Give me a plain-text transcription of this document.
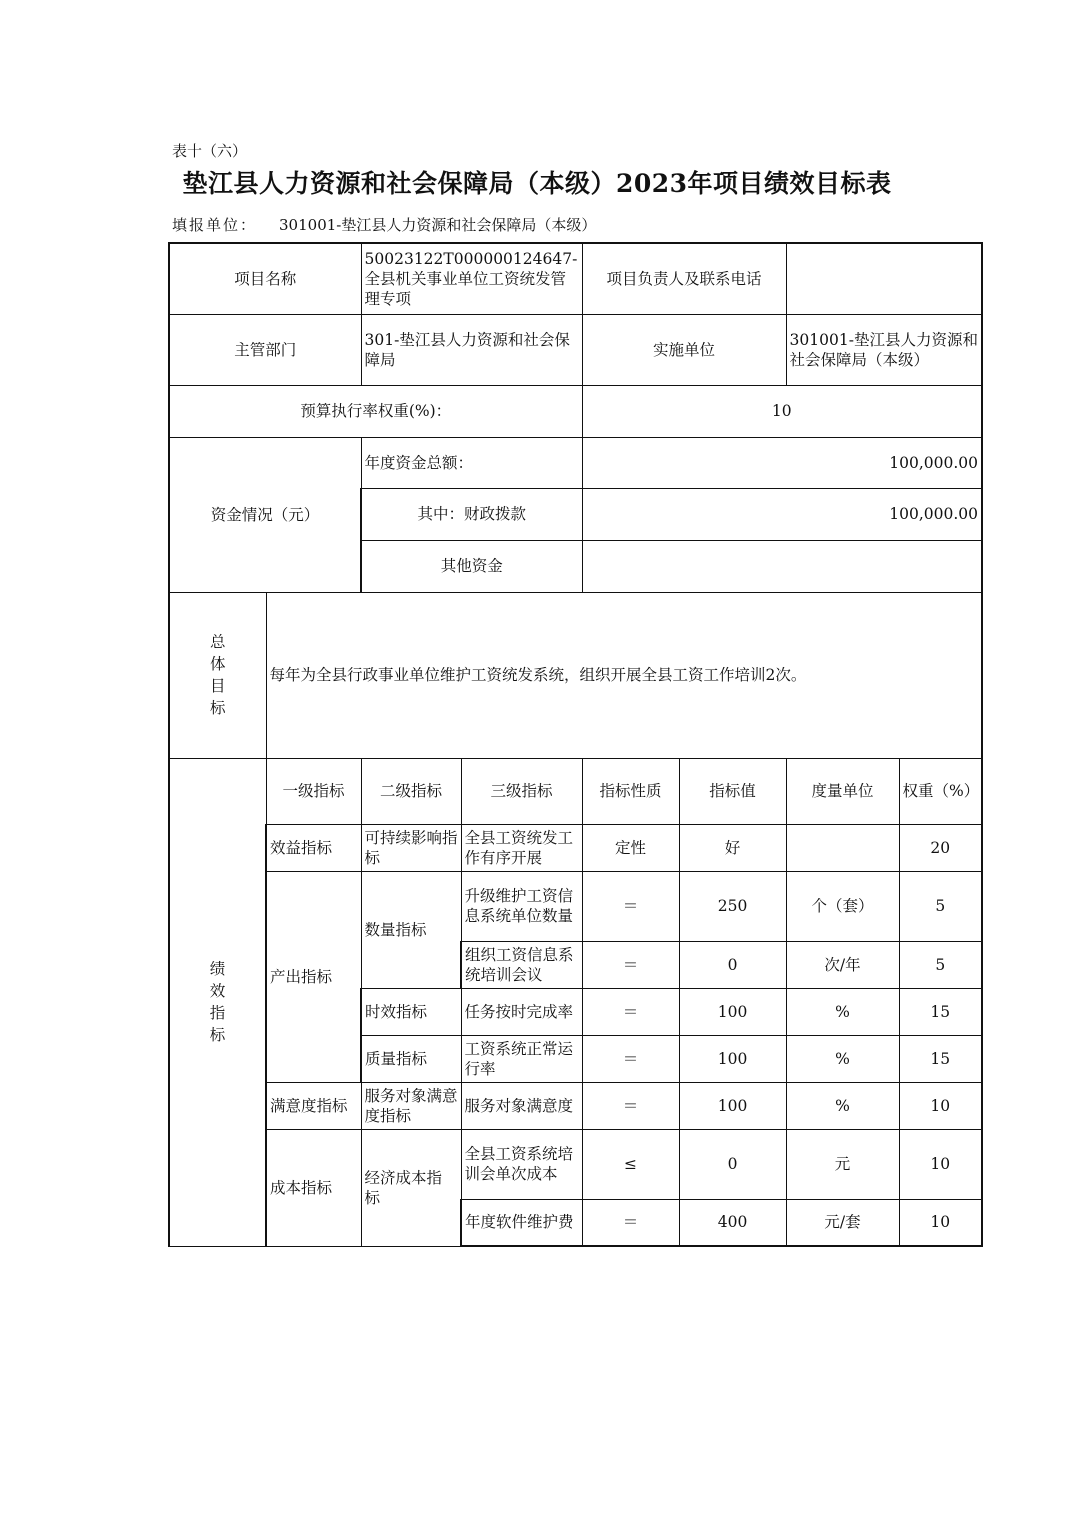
表十（六）
垫江县人力资源和社会保障局（本级）2023年项目绩效目标表
填报单位： 301001-垫江县人力资源和社会保障局（本级）
项目名称		50023122T000000124647-全县机关事业单位工资统发管理专项		项目负责人及联系电话			
主管部门		301-垫江县人力资源和社会保障局		实施单位		301001-垫江县人力资源和社会保障局（本级）	
预算执行率权重(%)：				10			
资金情况（元）		年度资金总额：		100,000.00			
		其中：财政拨款		100,000.00			
		其他资金					
总体目标	每年为全县行政事业单位维护工资统发系统，组织开展全县工资工作培训2次。						
绩效指标	一级指标	二级指标	三级指标	指标性质	指标值	度量单位	权重（%）
	效益指标	可持续影响指标	全县工资统发工作有序开展	定性	好		20
	产出指标	数量指标	升级维护工资信息系统单位数量	＝	250	个（套）	5
			组织工资信息系统培训会议	＝	0	次/年	5
		时效指标	任务按时完成率	＝	100	%	15
		质量指标	工资系统正常运行率	＝	100	%	15
	满意度指标	服务对象满意度指标	服务对象满意度	＝	100	%	10
	成本指标	经济成本指标	全县工资系统培训会单次成本	≤	0	元	10
			年度软件维护费	＝	400	元/套	10
